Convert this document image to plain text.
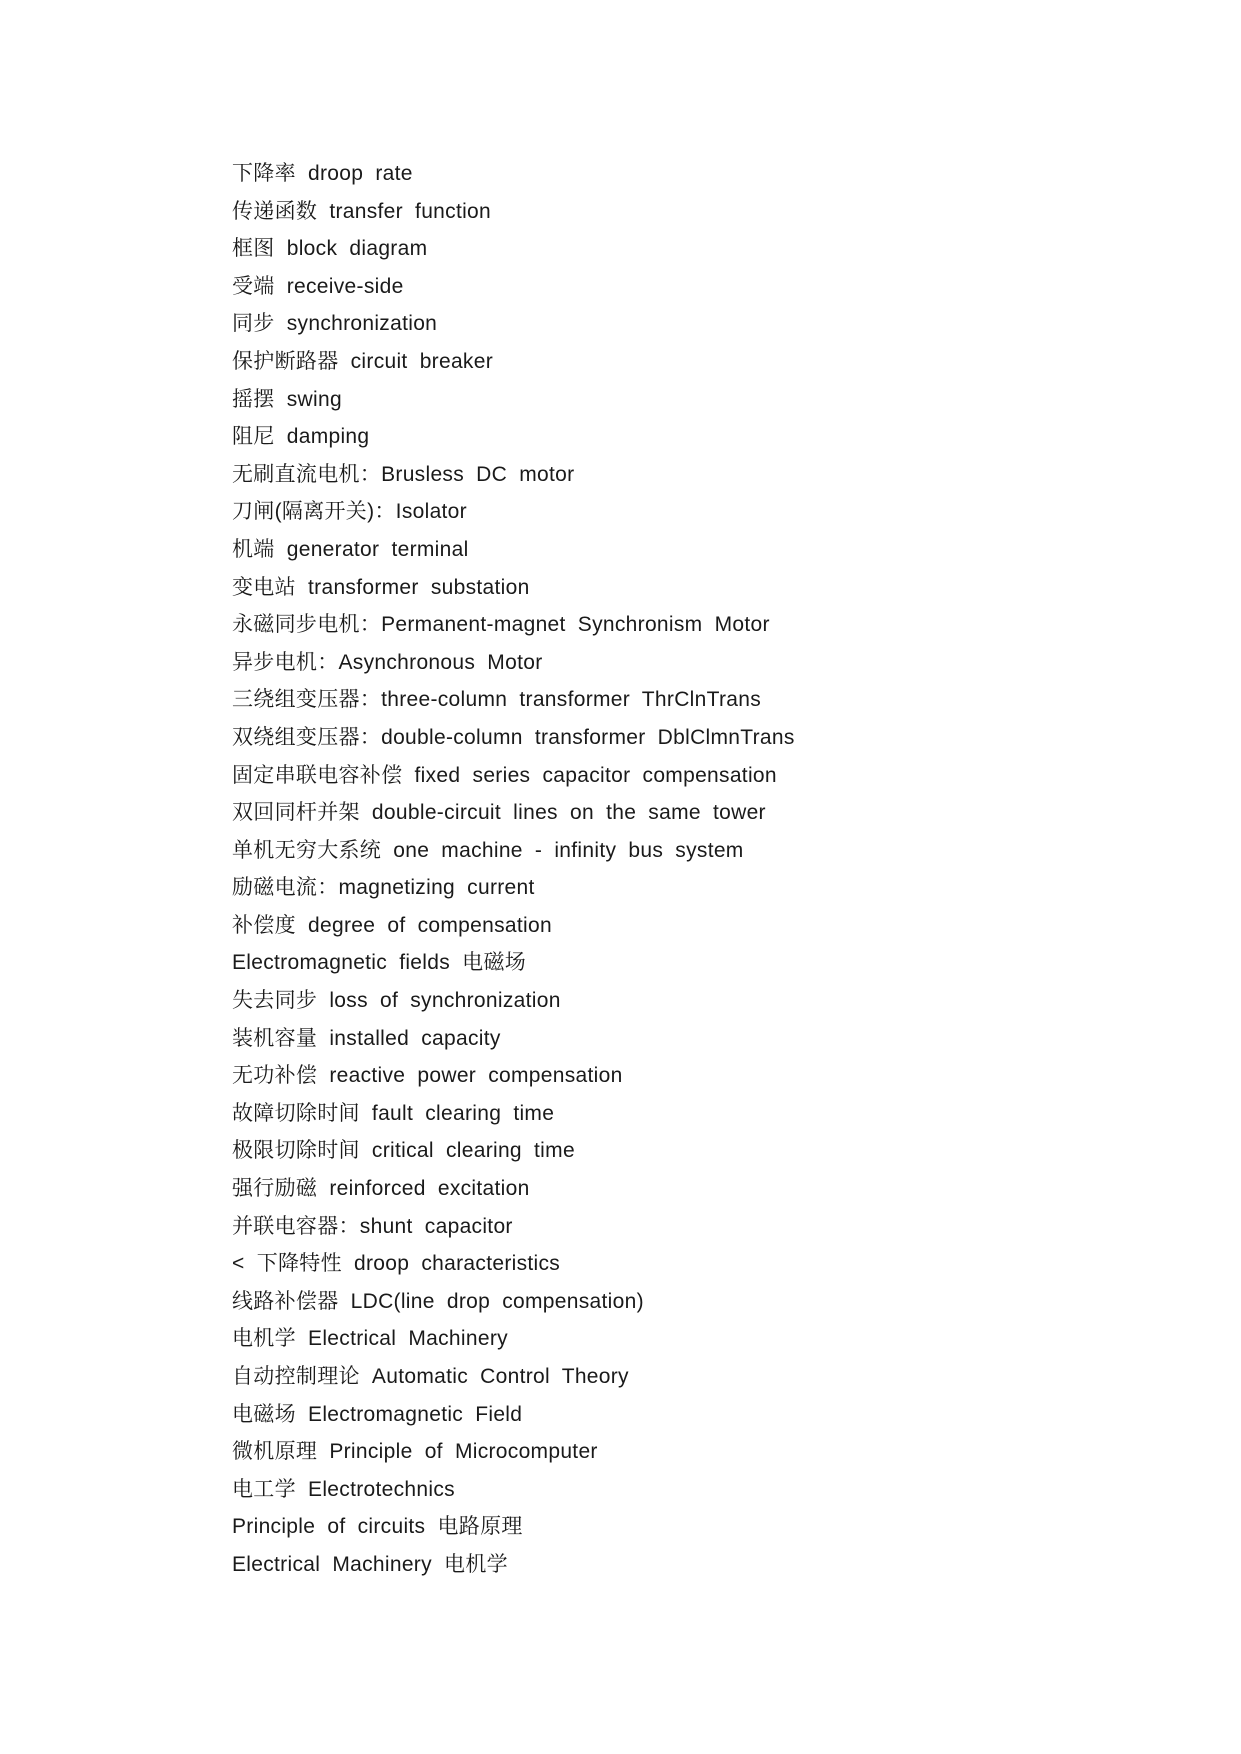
下降率 droop rate
传递函数 transfer function
框图 block diagram
受端 receive-side
同步 synchronization
保护断路器 circuit breaker
摇摆 swing
阻尼 damping
无刷直流电机：Brusless DC motor
刀闸(隔离开关)：Isolator
机端 generator terminal
变电站 transformer substation
永磁同步电机：Permanent-magnet Synchronism Motor
异步电机：Asynchronous Motor
三绕组变压器：three-column transformer ThrClnTrans
双绕组变压器：double-column transformer DblClmnTrans
固定串联电容补偿 fixed series capacitor compensation
双回同杆并架 double-circuit lines on the same tower
单机无穷大系统 one machine - infinity bus system
励磁电流：magnetizing current
补偿度 degree of compensation
Electromagnetic fields 电磁场
失去同步 loss of synchronization
装机容量 installed capacity
无功补偿 reactive power compensation
故障切除时间 fault clearing time
极限切除时间 critical clearing time
强行励磁 reinforced excitation
并联电容器：shunt capacitor
< 下降特性 droop characteristics
线路补偿器 LDC(line drop compensation)
电机学 Electrical Machinery
自动控制理论 Automatic Control Theory
电磁场 Electromagnetic Field
微机原理 Principle of Microcomputer
电工学 Electrotechnics
Principle of circuits 电路原理
Electrical Machinery 电机学
